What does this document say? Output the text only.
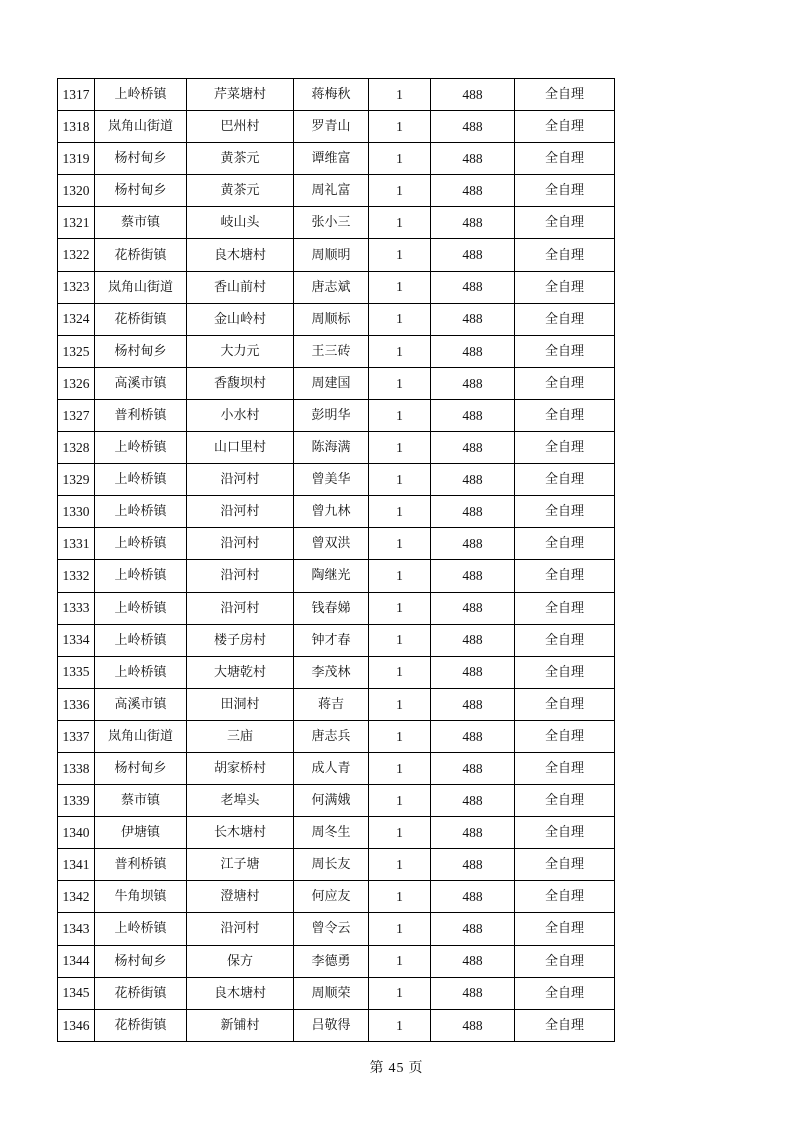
1317	上岭桥镇	芹菜塘村	蒋梅秋	1	488	全自理
1318	岚角山街道	巴州村	罗青山	1	488	全自理
1319	杨村甸乡	黄茶元	谭维富	1	488	全自理
1320	杨村甸乡	黄茶元	周礼富	1	488	全自理
1321	蔡市镇	岐山头	张小三	1	488	全自理
1322	花桥街镇	良木塘村	周顺明	1	488	全自理
1323	岚角山街道	香山前村	唐志斌	1	488	全自理
1324	花桥街镇	金山岭村	周顺标	1	488	全自理
1325	杨村甸乡	大力元	王三砖	1	488	全自理
1326	高溪市镇	香馥坝村	周建国	1	488	全自理
1327	普利桥镇	小水村	彭明华	1	488	全自理
1328	上岭桥镇	山口里村	陈海满	1	488	全自理
1329	上岭桥镇	沿河村	曾美华	1	488	全自理
1330	上岭桥镇	沿河村	曾九林	1	488	全自理
1331	上岭桥镇	沿河村	曾双洪	1	488	全自理
1332	上岭桥镇	沿河村	陶继光	1	488	全自理
1333	上岭桥镇	沿河村	钱春娣	1	488	全自理
1334	上岭桥镇	楼子房村	钟才春	1	488	全自理
1335	上岭桥镇	大塘乾村	李茂林	1	488	全自理
1336	高溪市镇	田洞村	蒋吉	1	488	全自理
1337	岚角山街道	三庙	唐志兵	1	488	全自理
1338	杨村甸乡	胡家桥村	成人青	1	488	全自理
1339	蔡市镇	老埠头	何满娥	1	488	全自理
1340	伊塘镇	长木塘村	周冬生	1	488	全自理
1341	普利桥镇	江子塘	周长友	1	488	全自理
1342	牛角坝镇	澄塘村	何应友	1	488	全自理
1343	上岭桥镇	沿河村	曾令云	1	488	全自理
1344	杨村甸乡	保方	李德勇	1	488	全自理
1345	花桥街镇	良木塘村	周顺荣	1	488	全自理
1346	花桥街镇	新铺村	吕敬得	1	488	全自理
第 45 页
